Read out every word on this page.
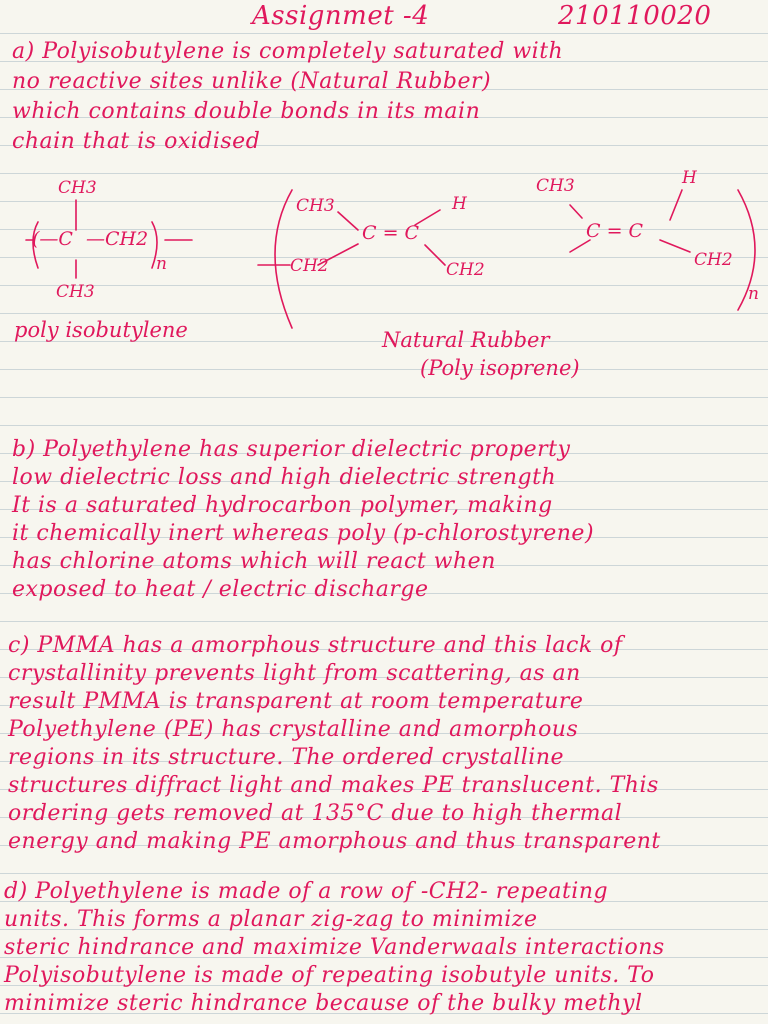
Assignmet -4	210110020
a) Polyisobutylene is completely saturated with
no reactive sites unlike (Natural Rubber)
which contains double bonds in its main
chain that is oxidised
CH3
(—C —CH2
n
CH3
poly isobutylene
CH3	H
C = C
CH2	CH2
CH3	H
C = C
CH2
n
Natural Rubber
(Poly isoprene)
b) Polyethylene has superior dielectric property
low dielectric loss and high dielectric strength
It is a saturated hydrocarbon polymer, making
it chemically inert whereas poly (p-chlorostyrene)
has chlorine atoms which will react when
exposed to heat / electric discharge
c) PMMA has a amorphous structure and this lack of
crystallinity prevents light from scattering, as an
result PMMA is transparent at room temperature
Polyethylene (PE) has crystalline and amorphous
regions in its structure. The ordered crystalline
structures diffract light and makes PE translucent. This
ordering gets removed at 135°C due to high thermal
energy and making PE amorphous and thus transparent
d) Polyethylene is made of a row of -CH2- repeating
units. This forms a planar zig-zag to minimize
steric hindrance and maximize Vanderwaals interactions
Polyisobutylene is made of repeating isobutyle units. To
minimize steric hindrance because of the bulky methyl
